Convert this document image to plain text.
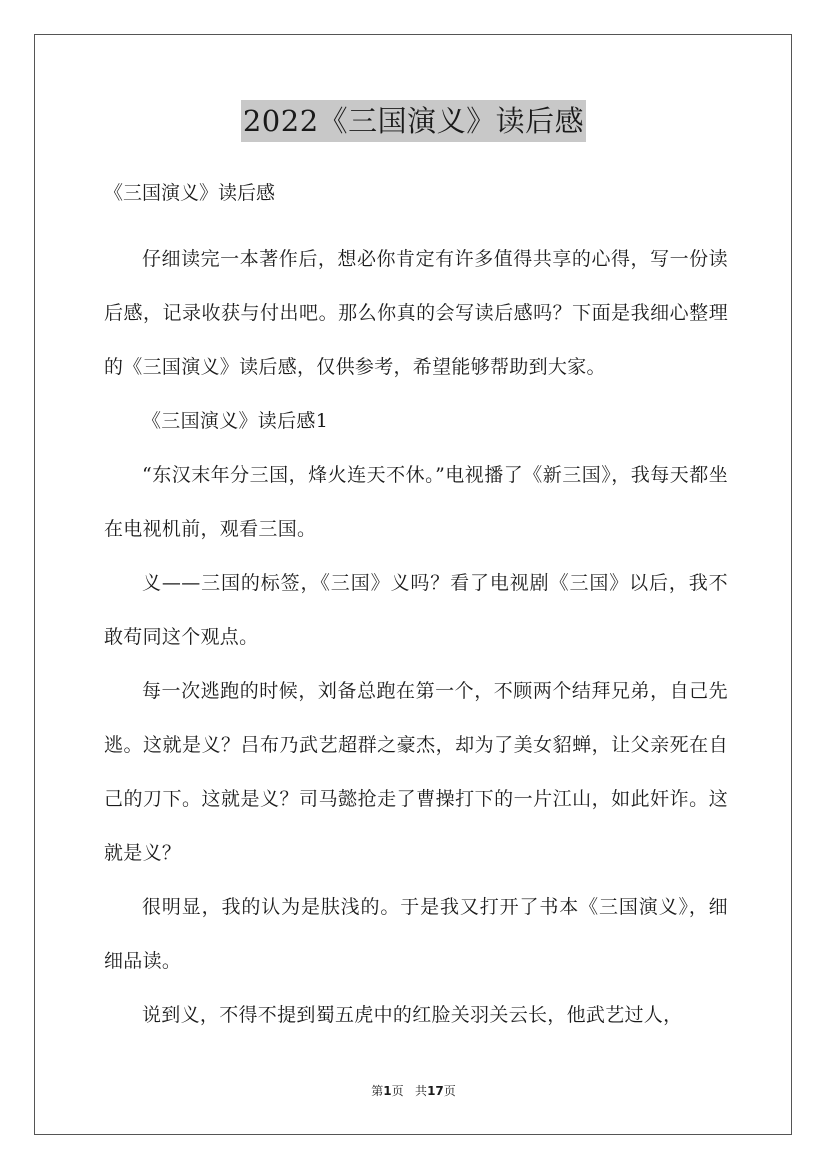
2022《三国演义》读后感
《三国演义》读后感

仔细读完一本著作后，想必你肯定有许多值得共享的心得，写一份读后感，记录收获与付出吧。那么你真的会写读后感吗？下面是我细心整理的《三国演义》读后感，仅供参考，希望能够帮助到大家。

《三国演义》读后感1

“东汉末年分三国，烽火连天不休。”电视播了《新三国》，我每天都坐在电视机前，观看三国。

义——三国的标签，《三国》义吗？看了电视剧《三国》以后，我不敢苟同这个观点。

每一次逃跑的时候，刘备总跑在第一个，不顾两个结拜兄弟，自己先逃。这就是义？吕布乃武艺超群之豪杰，却为了美女貂蝉，让父亲死在自己的刀下。这就是义？司马懿抢走了曹操打下的一片江山，如此奸诈。这就是义？

很明显，我的认为是肤浅的。于是我又打开了书本《三国演义》，细细品读。

说到义，不得不提到蜀五虎中的红脸关羽关云长，他武艺过人，

第1页 共17页
